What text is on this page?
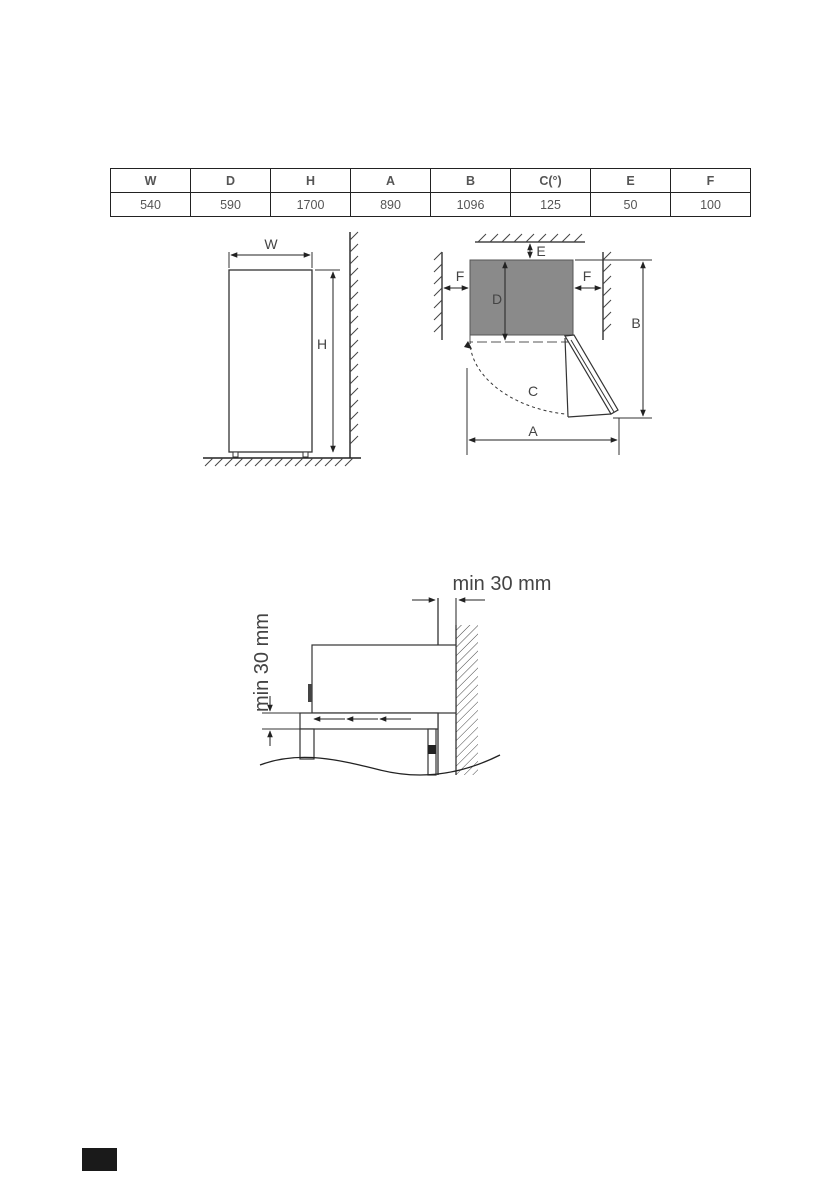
W	D	H	A	B	C(°)	E	F
540	590	1700	890	1096	125	50	100
W
H
E
F	F
D
C
B
A
min 30 mm
min 30 mm
